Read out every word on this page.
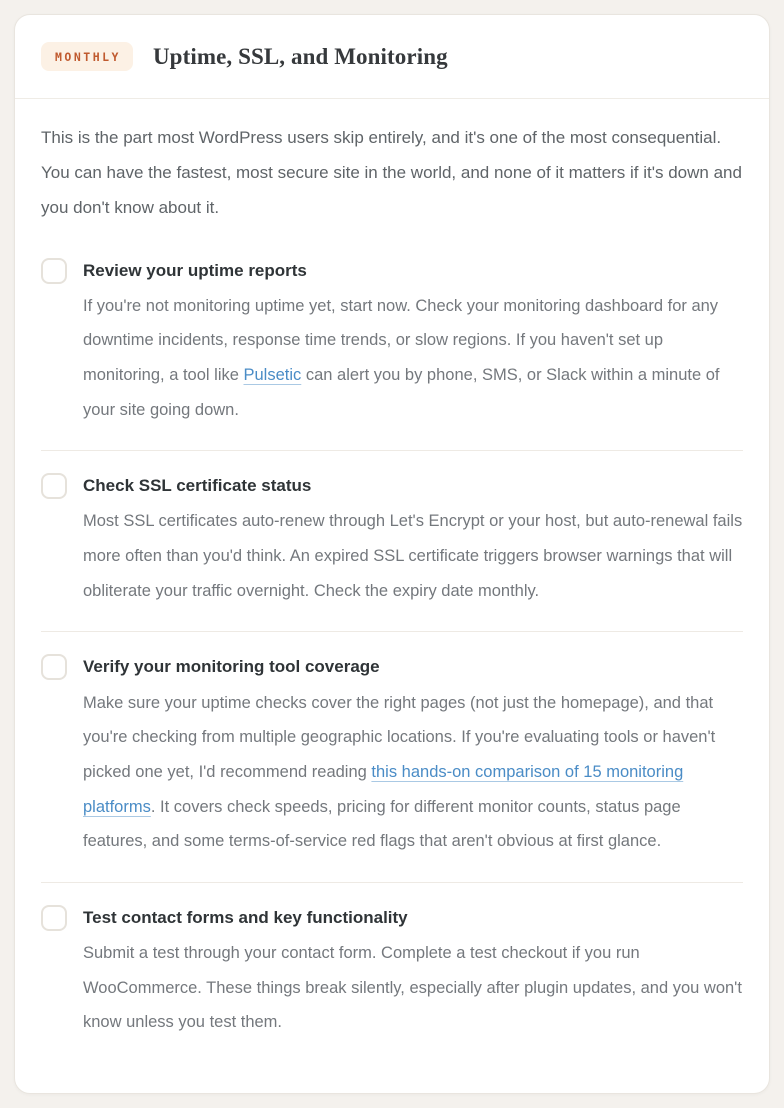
MONTHLY	Uptime, SSL, and Monitoring

This is the part most WordPress users skip entirely, and it's one of the most consequential. You can have the fastest, most secure site in the world, and none of it matters if it's down and you don't know about it.

Review your uptime reports
If you're not monitoring uptime yet, start now. Check your monitoring dashboard for any downtime incidents, response time trends, or slow regions. If you haven't set up monitoring, a tool like Pulsetic can alert you by phone, SMS, or Slack within a minute of your site going down.
Check SSL certificate status
Most SSL certificates auto-renew through Let's Encrypt or your host, but auto-renewal fails more often than you'd think. An expired SSL certificate triggers browser warnings that will obliterate your traffic overnight. Check the expiry date monthly.
Verify your monitoring tool coverage
Make sure your uptime checks cover the right pages (not just the homepage), and that you're checking from multiple geographic locations. If you're evaluating tools or haven't picked one yet, I'd recommend reading this hands-on comparison of 15 monitoring platforms. It covers check speeds, pricing for different monitor counts, status page features, and some terms-of-service red flags that aren't obvious at first glance.
Test contact forms and key functionality
Submit a test through your contact form. Complete a test checkout if you run WooCommerce. These things break silently, especially after plugin updates, and you won't know unless you test them.
